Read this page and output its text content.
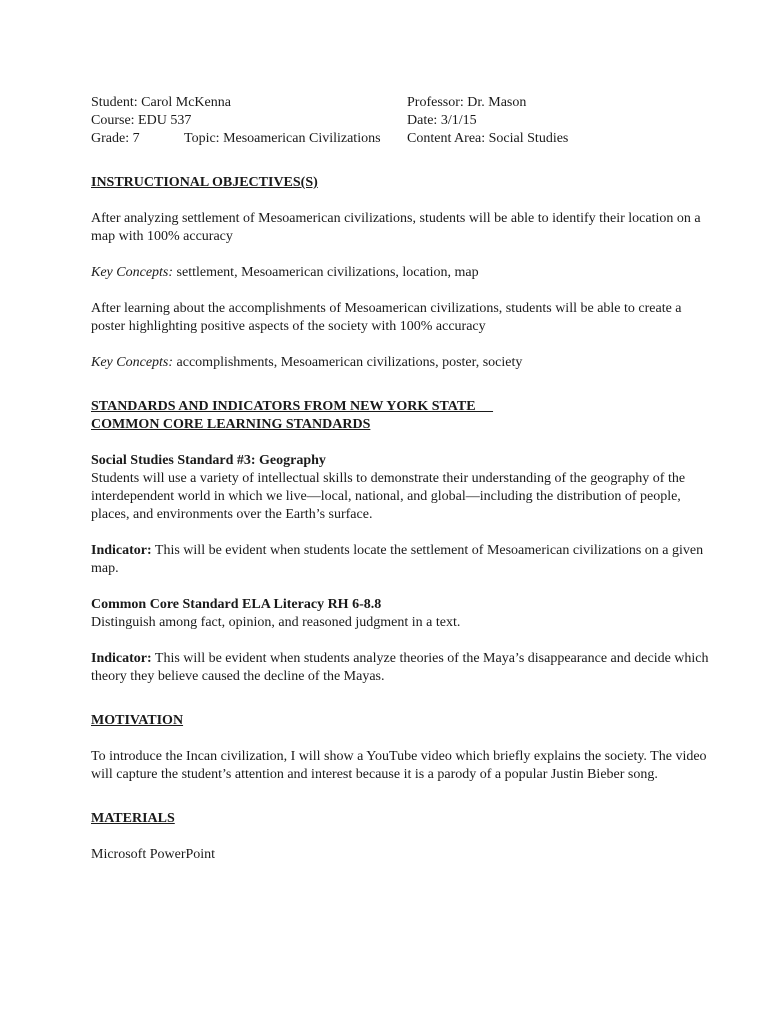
Student: Carol McKenna	Professor: Dr. Mason
Course: EDU 537	Date: 3/1/15
Grade: 7	Topic: Mesoamerican Civilizations Content Area: Social Studies

INSTRUCTIONAL OBJECTIVES(S)

After analyzing settlement of Mesoamerican civilizations, students will be able to identify their location on a map with 100% accuracy

Key Concepts: settlement, Mesoamerican civilizations, location, map

After learning about the accomplishments of Mesoamerican civilizations, students will be able to create a poster highlighting positive aspects of the society with 100% accuracy

Key Concepts: accomplishments, Mesoamerican civilizations, poster, society

STANDARDS AND INDICATORS FROM NEW YORK STATE

COMMON CORE LEARNING STANDARDS

Social Studies Standard #3: Geography

Students will use a variety of intellectual skills to demonstrate their understanding of the geography of the interdependent world in which we live—local, national, and global—including the distribution of people, places, and environments over the Earth’s surface.

Indicator: This will be evident when students locate the settlement of Mesoamerican civilizations on a given map.

Common Core Standard ELA Literacy RH 6-8.8

Distinguish among fact, opinion, and reasoned judgment in a text.

Indicator: This will be evident when students analyze theories of the Maya’s disappearance and decide which theory they believe caused the decline of the Mayas.

MOTIVATION

To introduce the Incan civilization, I will show a YouTube video which briefly explains the society. The video will capture the student’s attention and interest because it is a parody of a popular Justin Bieber song.

MATERIALS

Microsoft PowerPoint
